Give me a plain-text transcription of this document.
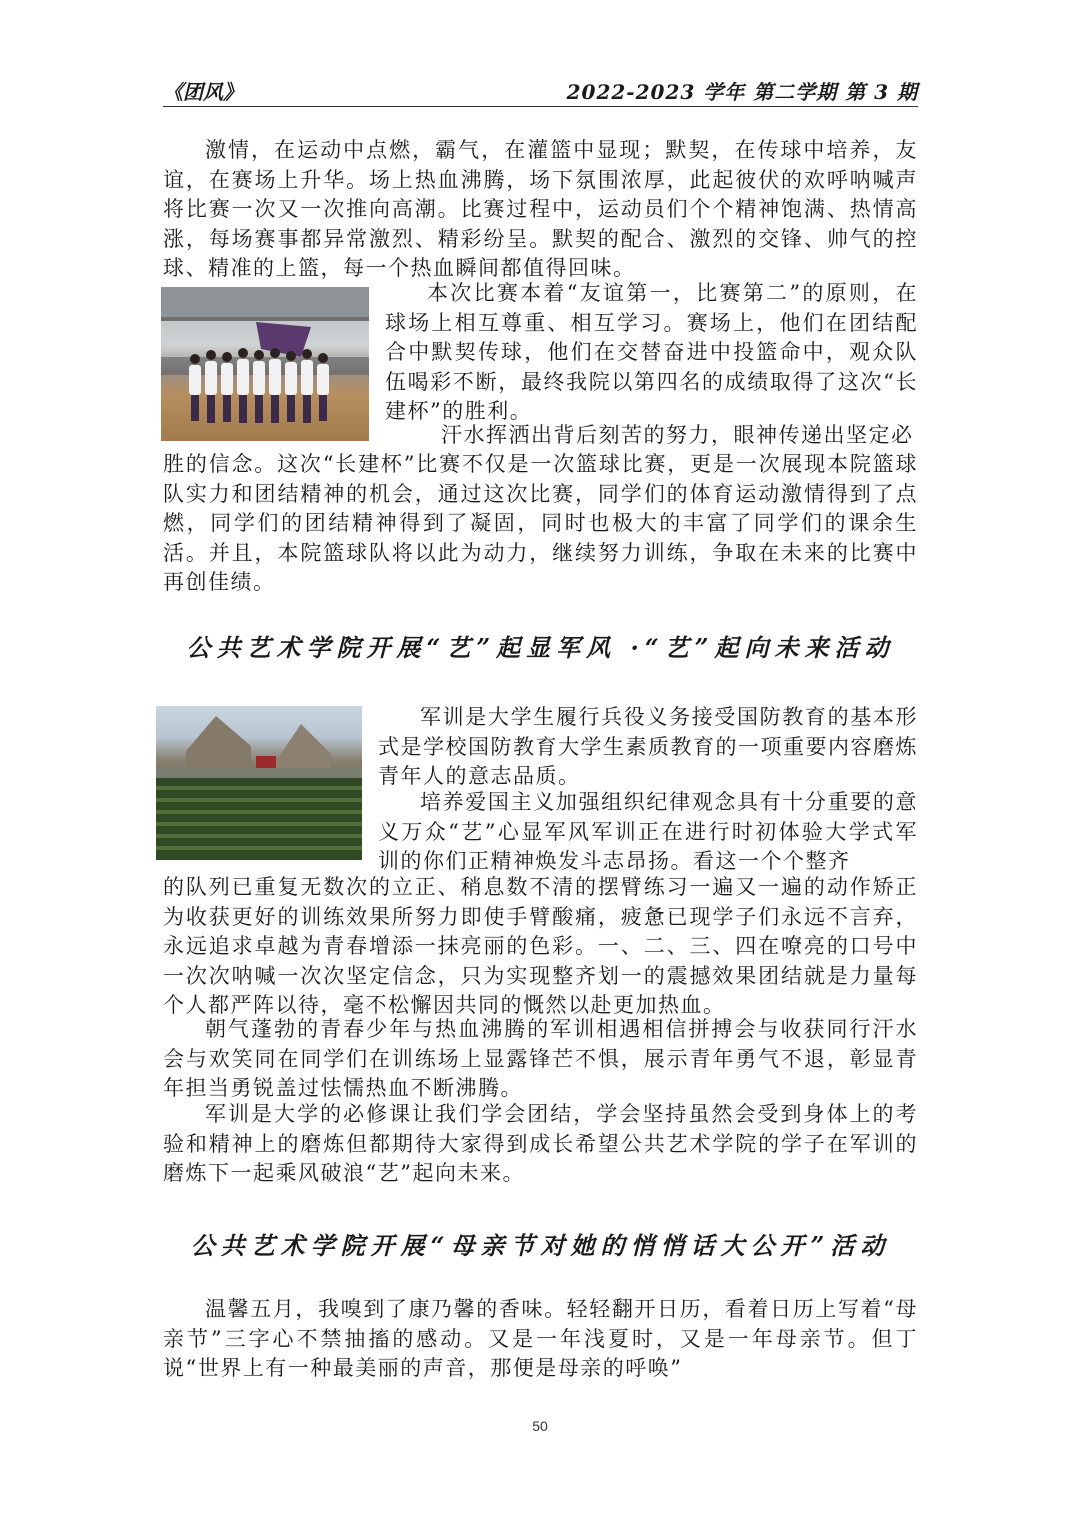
《团风》	2022-2023 学年 第二学期 第 3 期

激情，在运动中点燃，霸气，在灌篮中显现；默契，在传球中培养，友谊，在赛场上升华。场上热血沸腾，场下氛围浓厚，此起彼伏的欢呼呐喊声将比赛一次又一次推向高潮。比赛过程中，运动员们个个精神饱满、热情高涨，每场赛事都异常激烈、精彩纷呈。默契的配合、激烈的交锋、帅气的控球、精准的上篮，每一个热血瞬间都值得回味。

本次比赛本着“友谊第一，比赛第二”的原则，在球场上相互尊重、相互学习。赛场上，他们在团结配合中默契传球，他们在交替奋进中投篮命中，观众队伍喝彩不断，最终我院以第四名的成绩取得了这次“长建杯”的胜利。

汗水挥洒出背后刻苦的努力，眼神传递出坚定必

胜的信念。这次“长建杯”比赛不仅是一次篮球比赛，更是一次展现本院篮球队实力和团结精神的机会，通过这次比赛，同学们的体育运动激情得到了点燃，同学们的团结精神得到了凝固，同时也极大的丰富了同学们的课余生活。并且，本院篮球队将以此为动力，继续努力训练，争取在未来的比赛中再创佳绩。

公共艺术学院开展“艺”起显军风 ·“艺”起向未来活动

军训是大学生履行兵役义务接受国防教育的基本形式是学校国防教育大学生素质教育的一项重要内容磨炼青年人的意志品质。

培养爱国主义加强组织纪律观念具有十分重要的意义万众“艺”心显军风军训正在进行时初体验大学式军训的你们正精神焕发斗志昂扬。看这一个个整齐

的队列已重复无数次的立正、稍息数不清的摆臂练习一遍又一遍的动作矫正为收获更好的训练效果所努力即使手臂酸痛，疲惫已现学子们永远不言弃，永远追求卓越为青春增添一抹亮丽的色彩。一、二、三、四在嘹亮的口号中一次次呐喊一次次坚定信念，只为实现整齐划一的震撼效果团结就是力量每个人都严阵以待，毫不松懈因共同的慨然以赴更加热血。

朝气蓬勃的青春少年与热血沸腾的军训相遇相信拼搏会与收获同行汗水会与欢笑同在同学们在训练场上显露锋芒不惧，展示青年勇气不退，彰显青年担当勇锐盖过怯懦热血不断沸腾。

军训是大学的必修课让我们学会团结，学会坚持虽然会受到身体上的考验和精神上的磨炼但都期待大家得到成长希望公共艺术学院的学子在军训的磨炼下一起乘风破浪“艺”起向未来。

公共艺术学院开展“母亲节对她的悄悄话大公开”活动

温馨五月，我嗅到了康乃馨的香味。轻轻翻开日历，看着日历上写着“母亲节”三字心不禁抽搐的感动。又是一年浅夏时，又是一年母亲节。但丁说“世界上有一种最美丽的声音，那便是母亲的呼唤”

50
